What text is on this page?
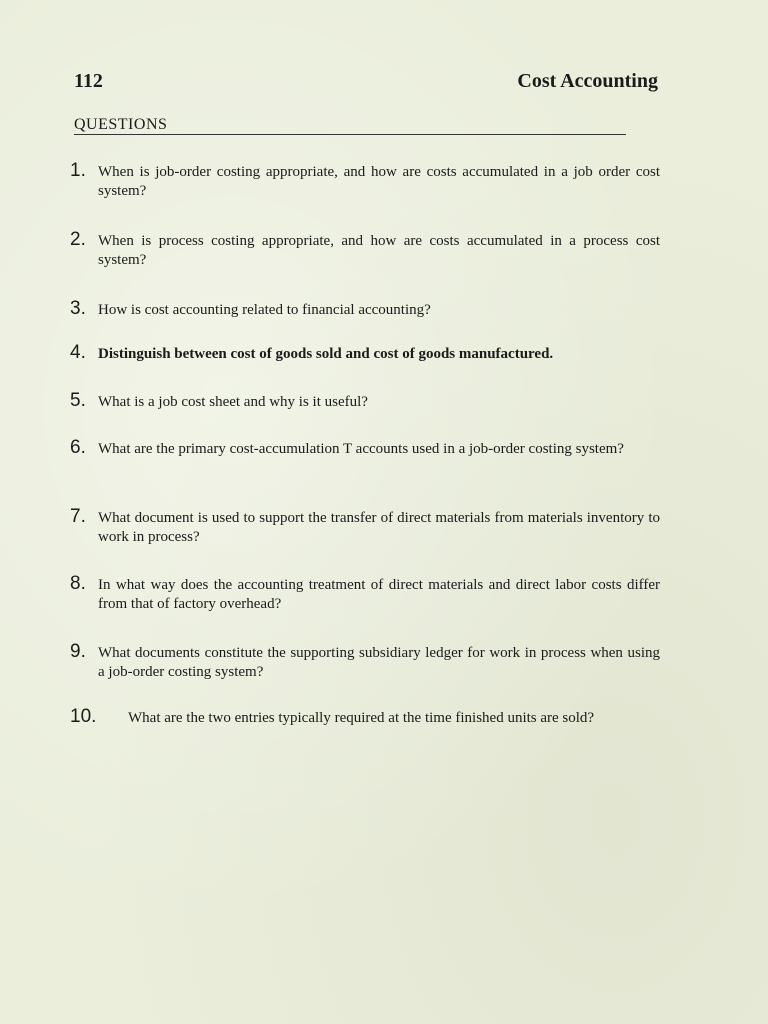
112	Cost Accounting
QUESTIONS
1. When is job-order costing appropriate, and how are costs accumulated in a job order cost system?
2. When is process costing appropriate, and how are costs accumulated in a process cost system?
3. How is cost accounting related to financial accounting?
4. Distinguish between cost of goods sold and cost of goods manufactured.
5. What is a job cost sheet and why is it useful?
6. What are the primary cost-accumulation T accounts used in a job-order costing system?
7. What document is used to support the transfer of direct materials from materials inventory to work in process?
8. In what way does the accounting treatment of direct materials and direct labor costs differ from that of factory overhead?
9. What documents constitute the supporting subsidiary ledger for work in process when using a job-order costing system?
10. What are the two entries typically required at the time finished units are sold?
